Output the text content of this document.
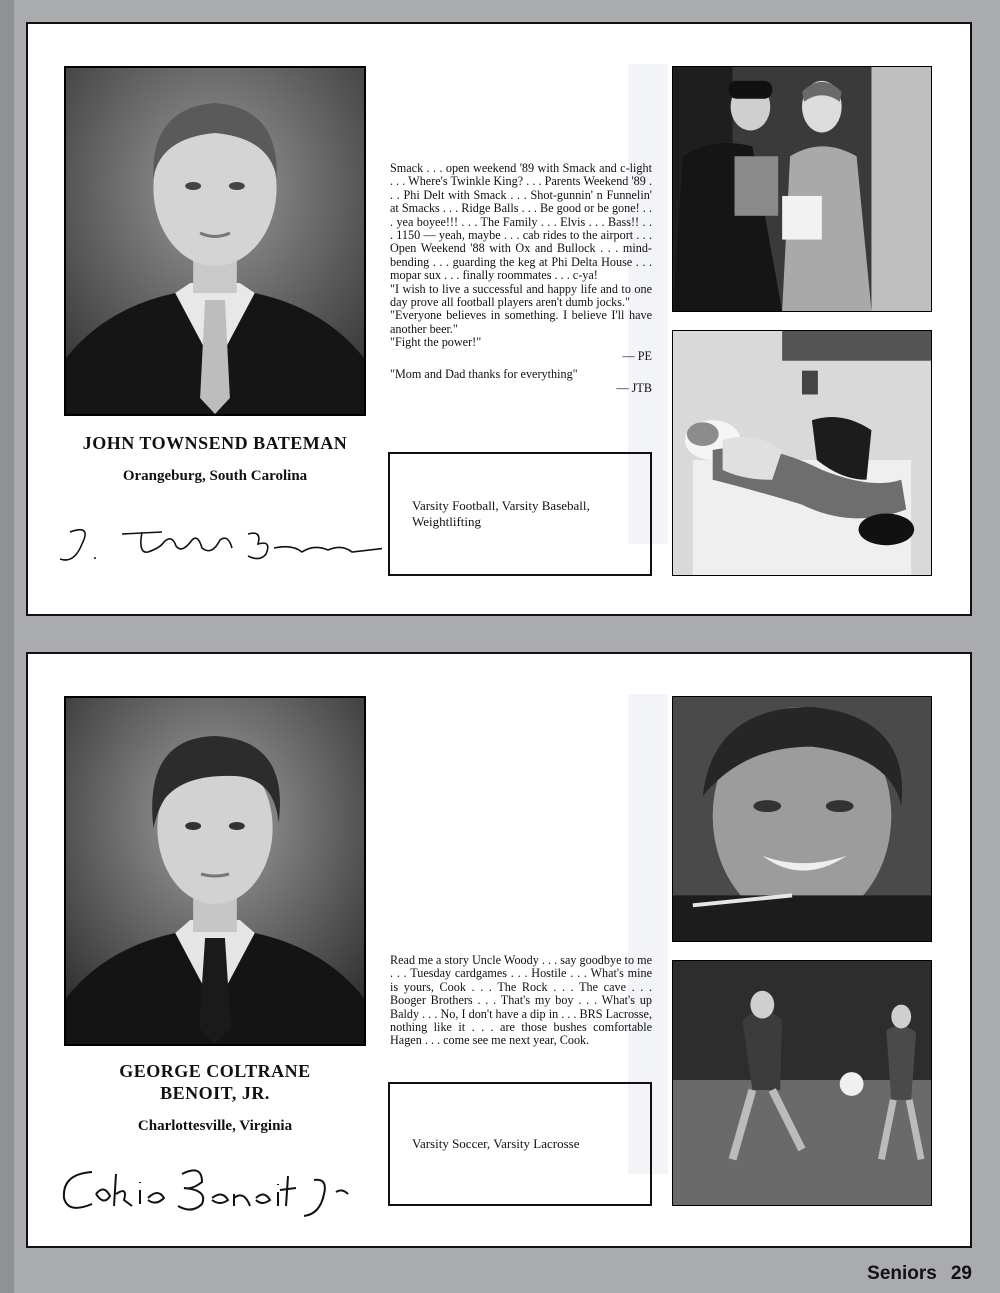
JOHN TOWNSEND BATEMAN
Orangeburg, South Carolina

Smack . . . open weekend '89 with Smack and c-light . . . Where's Twinkle King? . . . Parents Weekend '89 . . . Phi Delt with Smack . . . Shot-gunnin' n Funnelin' at Smacks . . . Ridge Balls . . . Be good or be gone! . . . yea boyee!!! . . . The Family . . . Elvis . . . Bass!! . . . 1150 — yeah, maybe . . . cab rides to the airport . . . Open Weekend '88 with Ox and Bullock . . . mind-bending . . . guarding the keg at Phi Delta House . . . mopar sux . . . finally roommates . . . c-ya!

"I wish to live a successful and happy life and to one day prove all football players aren't dumb jocks."

"Everyone believes in something. I believe I'll have another beer."

"Fight the power!"

— PE

"Mom and Dad thanks for everything"

— JTB

Varsity Football, Varsity Baseball, Weightlifting
GEORGE COLTRANE
BENOIT, JR.
Charlottesville, Virginia

Read me a story Uncle Woody . . . say goodbye to me . . . Tuesday cardgames . . . Hostile . . . What's mine is yours, Cook . . . The Rock . . . The cave . . . Booger Brothers . . . That's my boy . . . What's up Baldy . . . No, I don't have a dip in . . . BRS Lacrosse, nothing like it . . . are those bushes comfortable Hagen . . . come see me next year, Cook.

Varsity Soccer, Varsity Lacrosse
Seniors 29
